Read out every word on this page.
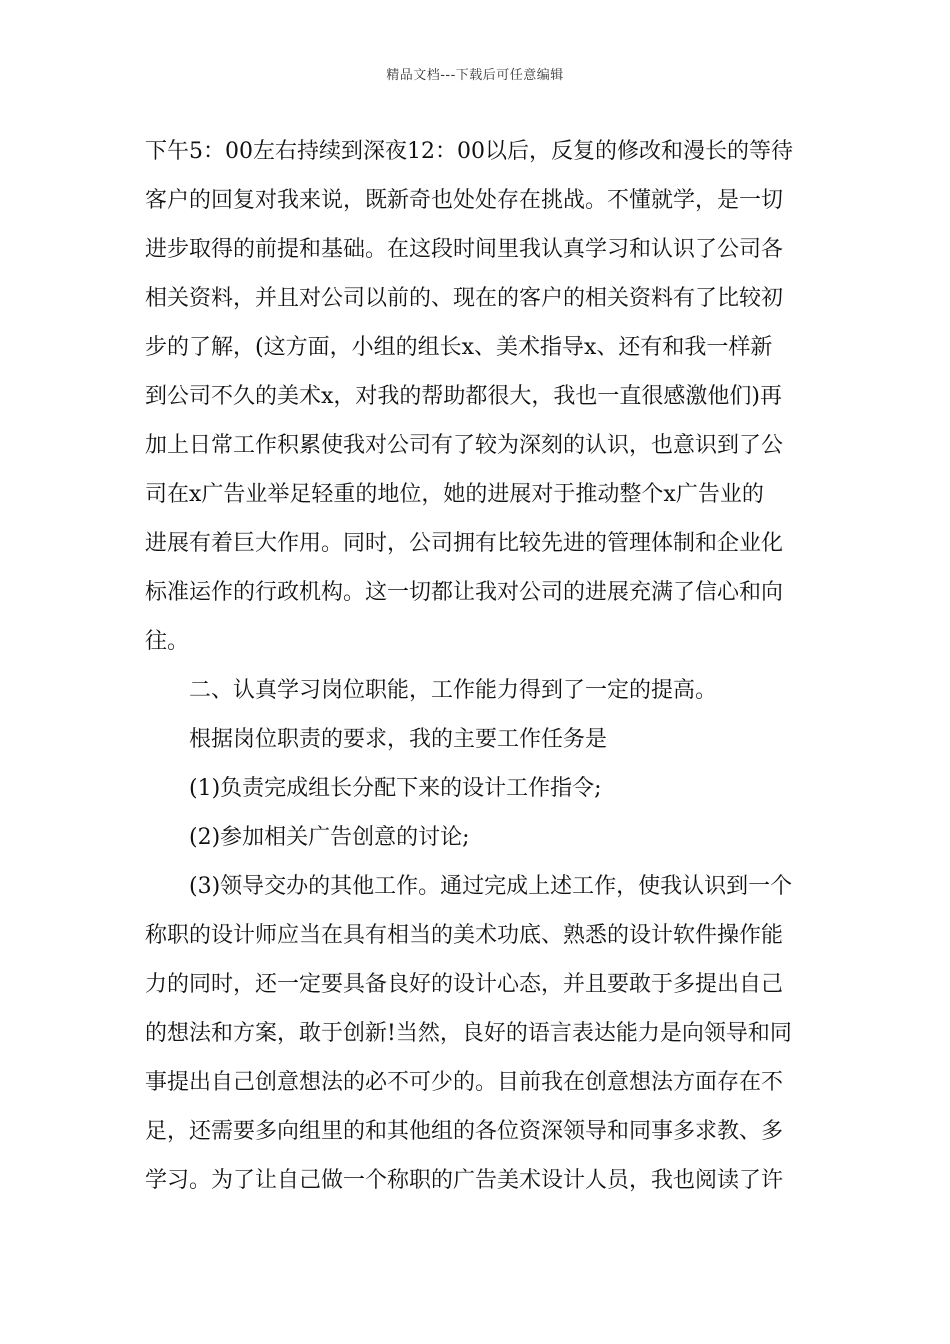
精品文档---下载后可任意编辑
下午5：00左右持续到深夜12：00以后，反复的修改和漫长的等待
客户的回复对我来说，既新奇也处处存在挑战。不懂就学，是一切
进步取得的前提和基础。在这段时间里我认真学习和认识了公司各
相关资料，并且对公司以前的、现在的客户的相关资料有了比较初
步的了解，(这方面，小组的组长x、美术指导x、还有和我一样新
到公司不久的美术x，对我的帮助都很大，我也一直很感激他们)再
加上日常工作积累使我对公司有了较为深刻的认识，也意识到了公
司在x广告业举足轻重的地位，她的进展对于推动整个x广告业的
进展有着巨大作用。同时，公司拥有比较先进的管理体制和企业化
标准运作的行政机构。这一切都让我对公司的进展充满了信心和向
往。
二、认真学习岗位职能，工作能力得到了一定的提高。
根据岗位职责的要求，我的主要工作任务是
(1)负责完成组长分配下来的设计工作指令;
(2)参加相关广告创意的讨论;
(3)领导交办的其他工作。通过完成上述工作，使我认识到一个
称职的设计师应当在具有相当的美术功底、熟悉的设计软件操作能
力的同时，还一定要具备良好的设计心态，并且要敢于多提出自己
的想法和方案，敢于创新!当然，良好的语言表达能力是向领导和同
事提出自己创意想法的必不可少的。目前我在创意想法方面存在不
足，还需要多向组里的和其他组的各位资深领导和同事多求教、多
学习。为了让自己做一个称职的广告美术设计人员，我也阅读了许
